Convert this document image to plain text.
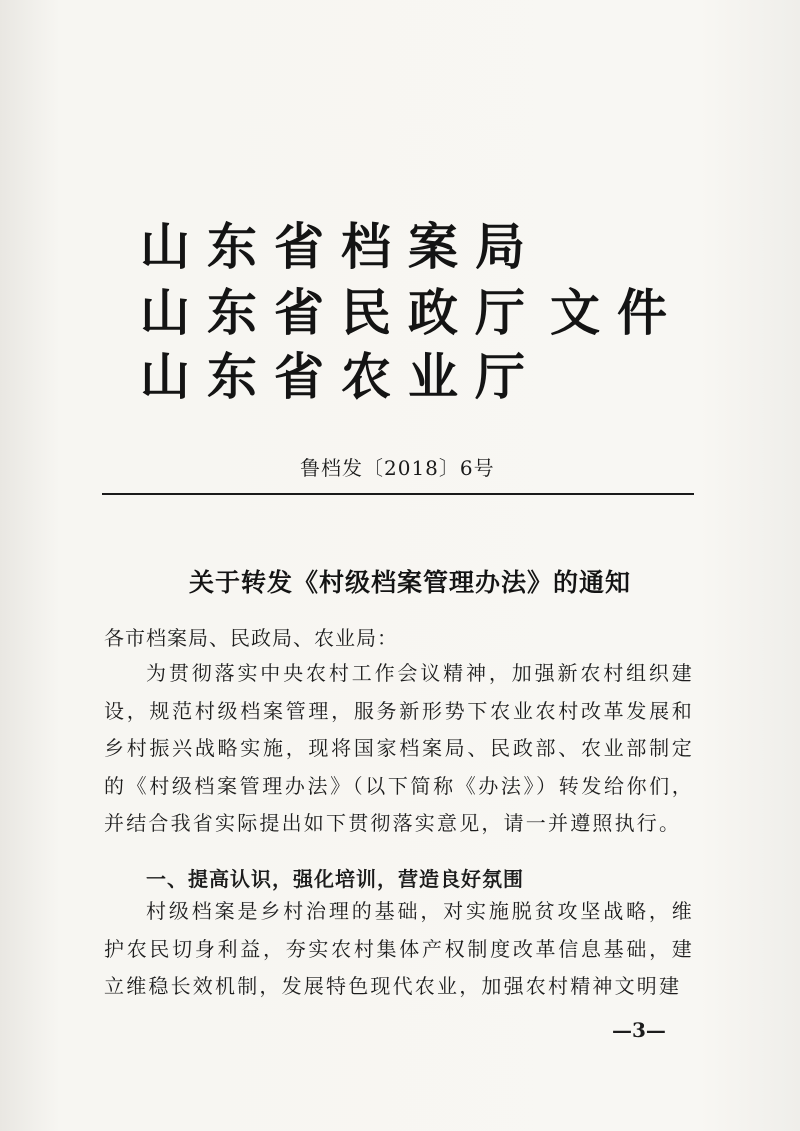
山东省档案局
山东省民政厅 文件
山东省农业厅
鲁档发〔2018〕6号
关于转发《村级档案管理办法》的通知
各市档案局、民政局、农业局：
为贯彻落实中央农村工作会议精神，加强新农村组织建设，规范村级档案管理，服务新形势下农业农村改革发展和乡村振兴战略实施，现将国家档案局、民政部、农业部制定的《村级档案管理办法》（以下简称《办法》）转发给你们，并结合我省实际提出如下贯彻落实意见，请一并遵照执行。
一、提高认识，强化培训，营造良好氛围
村级档案是乡村治理的基础，对实施脱贫攻坚战略，维护农民切身利益，夯实农村集体产权制度改革信息基础，建立维稳长效机制，发展特色现代农业，加强农村精神文明建
—3—
